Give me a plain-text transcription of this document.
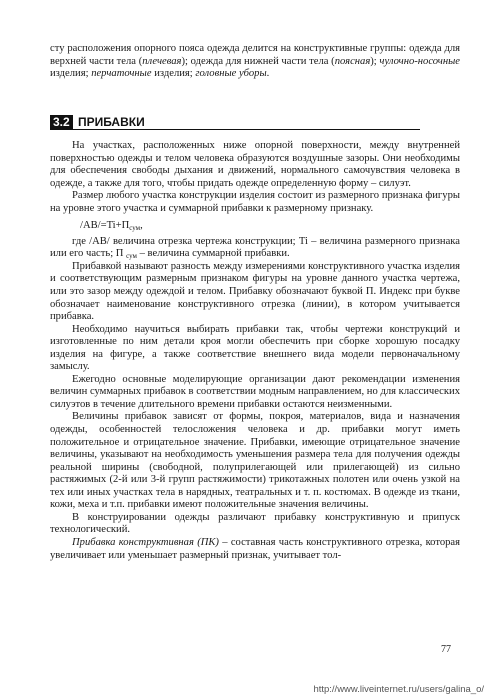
сту расположения опорного пояса одежда делится на конструктивные группы: одежда для верхней части тела (плечевая); одежда для нижней части тела (поясная); чулочно-носочные изделия; перчаточные изделия; головные уборы.

3.2 ПРИБАВКИ

На участках, расположенных ниже опорной поверхности, между внутренней поверхностью одежды и телом человека образуются воздушные зазоры. Они необходимы для обеспечения свободы дыхания и движений, нормального самочувствия человека в одежде, а также для того, чтобы придать одежде определенную форму – силуэт.

Размер любого участка конструкции изделия состоит из размерного признака фигуры на уровне этого участка и суммарной прибавки к размерному признаку.

$/АВ/=Ti+П_{сум}$,

где /АВ/ величина отрезка чертежа конструкции; Ti – величина размерного признака или его часть; П $_{сум}$ – величина суммарной прибавки.

Прибавкой называют разность между измерениями конструктивного участка изделия и соответствующим размерным признаком фигуры на уровне данного участка чертежа, или это зазор между одеждой и телом. Прибавку обозначают буквой П. Индекс при букве обозначает наименование конструктивного отрезка (линии), в котором учитывается прибавка.

Необходимо научиться выбирать прибавки так, чтобы чертежи конструкций и изготовленные по ним детали кроя могли обеспечить при сборке хорошую посадку изделия на фигуре, а также соответствие внешнего вида модели первоначальному замыслу.

Ежегодно основные моделирующие организации дают рекомендации изменения величин суммарных прибавок в соответствии модным направлением, но для классических силуэтов в течение длительного времени прибавки остаются неизменными.

Величины прибавок зависят от формы, покроя, материалов, вида и назначения одежды, особенностей телосложения человека и др. прибавки могут иметь положительное и отрицательное значение. Прибавки, имеющие отрицательное значение величины, указывают на необходимость уменьшения размера тела для получения одежды реальной ширины (свободной, полуприлегающей или прилегающей) из сильно растяжимых (2-й или 3-й групп растяжимости) трикотажных полотен или очень узкой на тех или иных участках тела в нарядных, театральных и т. п. костюмах. В одежде из ткани, кожи, меха и т.п. прибавки имеют положительные значения величины.

В конструировании одежды различают прибавку конструктивную и припуск технологический.

Прибавка конструктивная (ПК) – составная часть конструктивного отрезка, которая увеличивает или уменьшает размерный признак, учитывает тол-

77
http://www.liveinternet.ru/users/galina_o/
